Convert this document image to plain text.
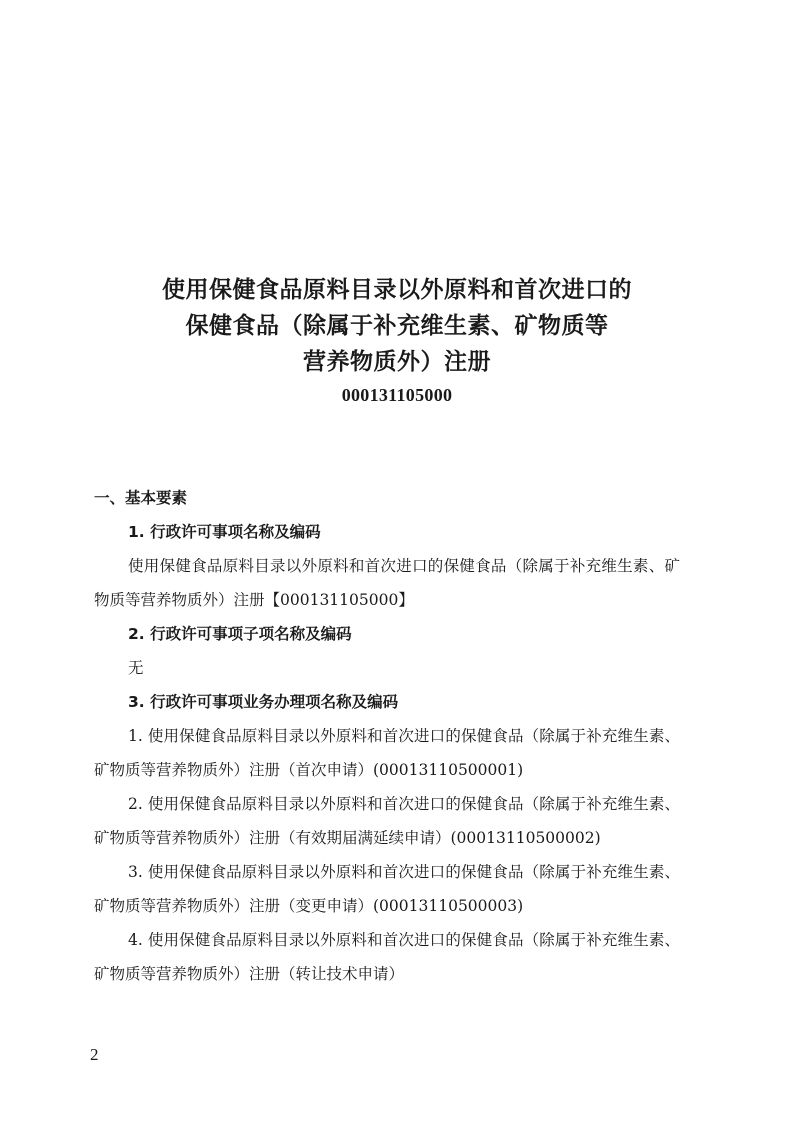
使用保健食品原料目录以外原料和首次进口的
保健食品（除属于补充维生素、矿物质等
营养物质外）注册
000131105000
一、基本要素
1. 行政许可事项名称及编码

使用保健食品原料目录以外原料和首次进口的保健食品（除属于补充维生素、矿物质等营养物质外）注册【000131105000】

2. 行政许可事项子项名称及编码

无

3. 行政许可事项业务办理项名称及编码

1. 使用保健食品原料目录以外原料和首次进口的保健食品（除属于补充维生素、矿物质等营养物质外）注册（首次申请）(00013110500001)

2. 使用保健食品原料目录以外原料和首次进口的保健食品（除属于补充维生素、矿物质等营养物质外）注册（有效期届满延续申请）(00013110500002)

3. 使用保健食品原料目录以外原料和首次进口的保健食品（除属于补充维生素、矿物质等营养物质外）注册（变更申请）(00013110500003)

4. 使用保健食品原料目录以外原料和首次进口的保健食品（除属于补充维生素、矿物质等营养物质外）注册（转让技术申请）

2
